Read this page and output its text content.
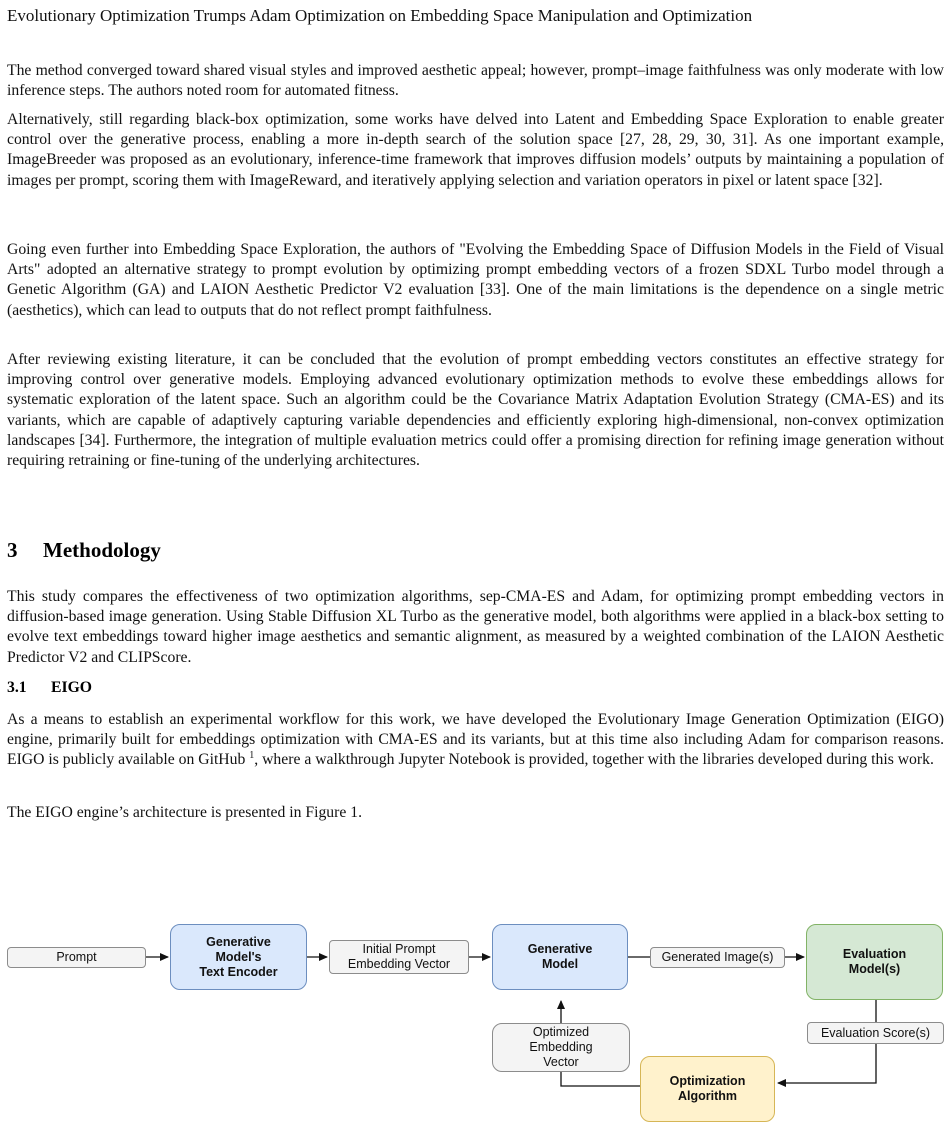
Evolutionary Optimization Trumps Adam Optimization on Embedding Space Manipulation and Optimization

The method converged toward shared visual styles and improved aesthetic appeal; however, prompt–image faithfulness was only moderate with low inference steps. The authors noted room for automated fitness.

Alternatively, still regarding black-box optimization, some works have delved into Latent and Embedding Space Exploration to enable greater control over the generative process, enabling a more in-depth search of the solution space [27, 28, 29, 30, 31]. As one important example, ImageBreeder was proposed as an evolutionary, inference-time framework that improves diffusion models’ outputs by maintaining a population of images per prompt, scoring them with ImageReward, and iteratively applying selection and variation operators in pixel or latent space [32].

Going even further into Embedding Space Exploration, the authors of "Evolving the Embedding Space of Diffusion Models in the Field of Visual Arts" adopted an alternative strategy to prompt evolution by optimizing prompt embedding vectors of a frozen SDXL Turbo model through a Genetic Algorithm (GA) and LAION Aesthetic Predictor V2 evaluation [33]. One of the main limitations is the dependence on a single metric (aesthetics), which can lead to outputs that do not reflect prompt faithfulness.

After reviewing existing literature, it can be concluded that the evolution of prompt embedding vectors constitutes an effective strategy for improving control over generative models. Employing advanced evolutionary optimization methods to evolve these embeddings allows for systematic exploration of the latent space. Such an algorithm could be the Covariance Matrix Adaptation Evolution Strategy (CMA-ES) and its variants, which are capable of adaptively capturing variable dependencies and efficiently exploring high-dimensional, non-convex optimization landscapes [34]. Furthermore, the integration of multiple evaluation metrics could offer a promising direction for refining image generation without requiring retraining or fine-tuning of the underlying architectures.

3 Methodology

This study compares the effectiveness of two optimization algorithms, sep-CMA-ES and Adam, for optimizing prompt embedding vectors in diffusion-based image generation. Using Stable Diffusion XL Turbo as the generative model, both algorithms were applied in a black-box setting to evolve text embeddings toward higher image aesthetics and semantic alignment, as measured by a weighted combination of the LAION Aesthetic Predictor V2 and CLIPScore.

3.1 EIGO

As a means to establish an experimental workflow for this work, we have developed the Evolutionary Image Generation Optimization (EIGO) engine, primarily built for embeddings optimization with CMA-ES and its variants, but at this time also including Adam for comparison reasons. EIGO is publicly available on GitHub $^1$, where a walkthrough Jupyter Notebook is provided, together with the libraries developed during this work.

The EIGO engine’s architecture is presented in Figure 1.

Prompt
Generative
Model's
Text Encoder
Initial Prompt
Embedding Vector
Generative
Model	Generated Image(s)	Evaluation
Model(s)
Evaluation Score(s)
Optimized
Embedding
Vector
Optimization
Algorithm
